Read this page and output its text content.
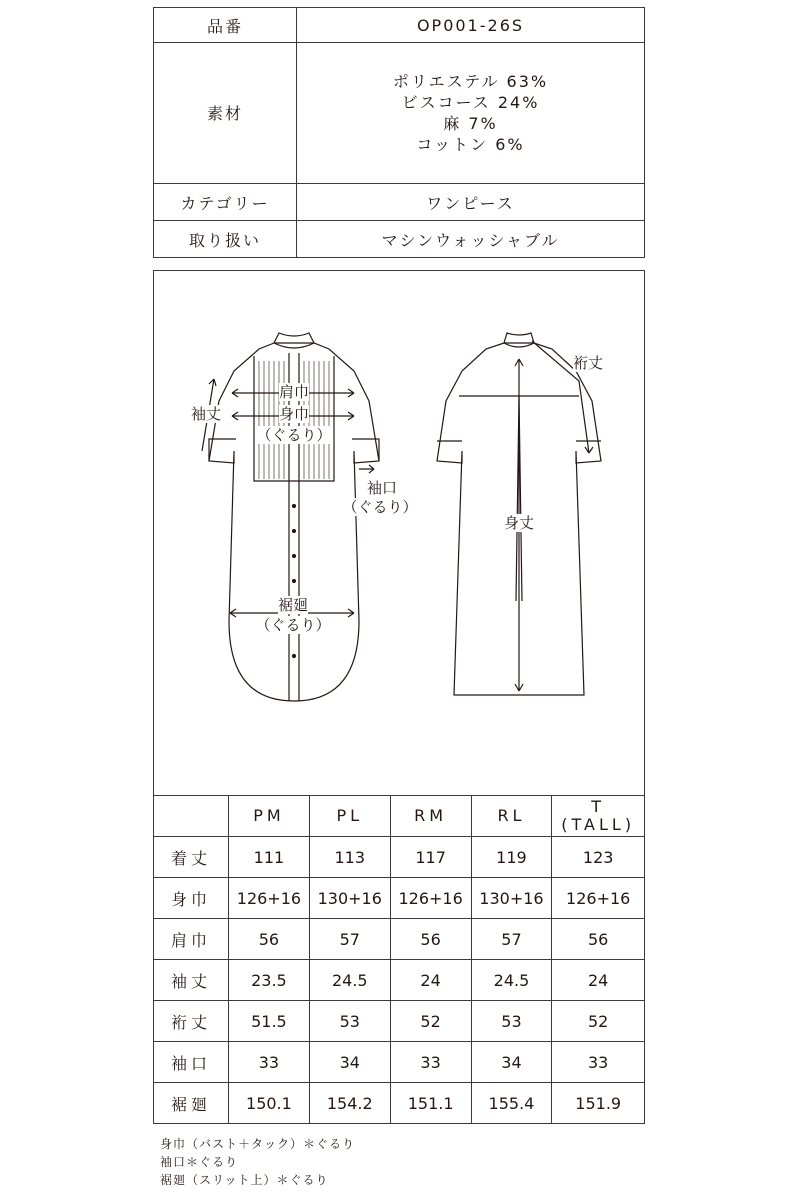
品番	OP001-26S
素材	ポリエステル 63%
ビスコース 24%
麻 7%
コットン 6%

カテゴリー	ワンピース
取り扱い	マシンウォッシャブル
肩巾
身巾
（ぐるり）
袖丈
袖口
（ぐるり）
裾廻
（ぐるり）
裄丈
身丈
	PM	PL	RM	RL	T
(TALL)

着丈	111	113	117	119	123
身巾	126+16	130+16	126+16	130+16	126+16
肩巾	56	57	56	57	56
袖丈	23.5	24.5	24	24.5	24
裄丈	51.5	53	52	53	52
袖口	33	34	33	34	33
裾廻	150.1	154.2	151.1	155.4	151.9
身巾（バスト＋タック）＊ぐるり
袖口＊ぐるり
裾廻（スリット上）＊ぐるり
